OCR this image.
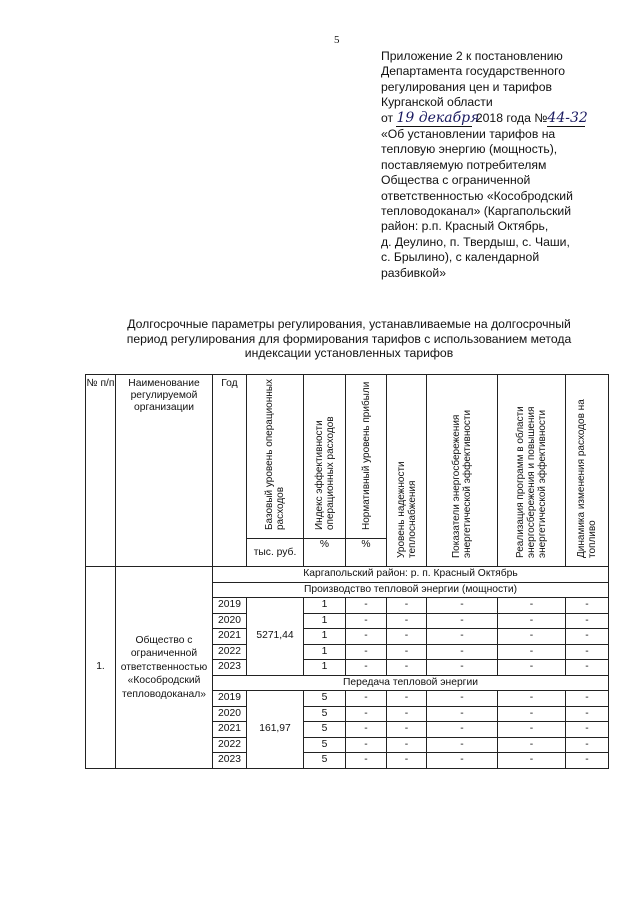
5
Приложение 2 к постановлению
Департамента государственного
регулирования цен и тарифов
Курганской области
от 19 декабря 2018 года №44-32
«Об установлении тарифов на
тепловую энергию (мощность),
поставляемую потребителям
Общества с ограниченной
ответственностью «Кособродский
тепловодоканал» (Каргапольский
район: р.п. Красный Октябрь,
д. Деулино, п. Твердыш, с. Чаши,
с. Брылино), с календарной
разбивкой»
Долгосрочные параметры регулирования, устанавливаемые на долгосрочный
период регулирования для формирования тарифов с использованием метода
индексации установленных тарифов
№ п/п	Наименование регулируемой организации	Год	Базовый уровень операционных расходов	Индекс эффективности операционных расходов	Нормативный уровень прибыли	Уровень надежности теплоснабжения	Показатели энергосбережения энергетической эффективности	Реализация программ в области энергосбережения и повышения энергетической эффективности	Динамика изменения расходов на топливо
			тыс. руб.	%	%				
1.	Общество с
ограниченной
ответственностью
«Кособродский
тепловодоканал»	Каргапольский район: р. п. Красный Октябрь							
		Производство тепловой энергии (мощности)							
		2019	5271,44	1	-	-	-	-	-
		2020		1	-	-	-	-	-
		2021		1	-	-	-	-	-
		2022		1	-	-	-	-	-
		2023		1	-	-	-	-	-
		Передача тепловой энергии							
		2019	161,97	5	-	-	-	-	-
		2020		5	-	-	-	-	-
		2021		5	-	-	-	-	-
		2022		5	-	-	-	-	-
		2023		5	-	-	-	-	-
